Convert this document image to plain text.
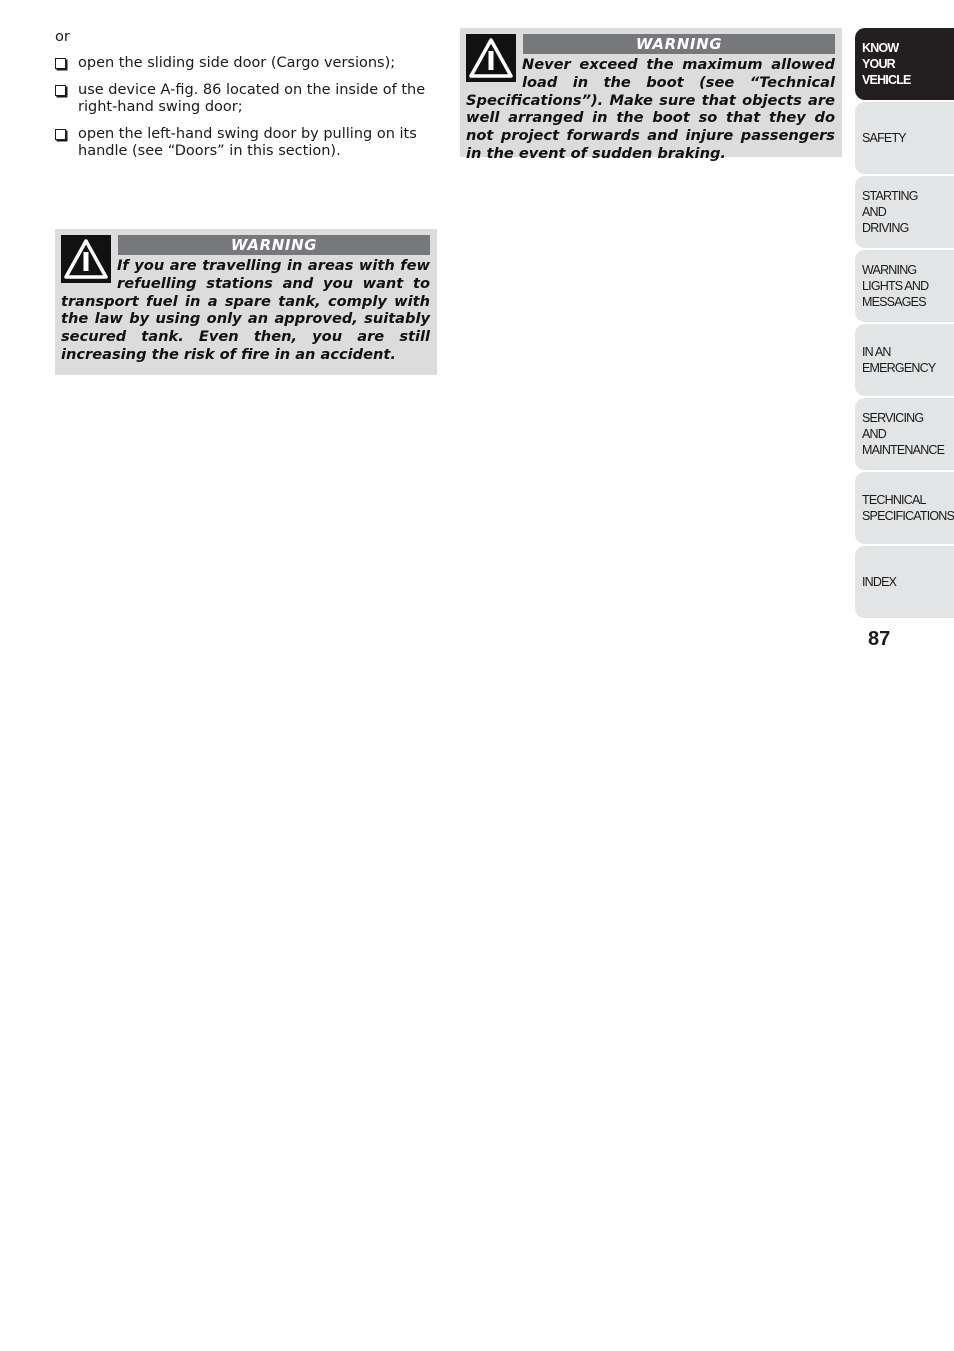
or

open the sliding side door (Cargo versions);
use device A-fig. 86 located on the inside of the right-hand swing door;
open the left-hand swing door by pulling on its handle (see “Doors” in this section).
WARNING
If you are travelling in areas with few refuelling stations and you want to transport fuel in a spare tank, comply with the law by using only an approved, suitably secured tank. Even then, you are still increasing the risk of fire in an accident.
WARNING
Never exceed the maximum allowed load in the boot (see “Technical Specifications”). Make sure that objects are well arranged in the boot so that they do not project forwards and injure passengers in the event of sudden braking.
KNOW
YOUR
VEHICLE
SAFETY
STARTING
AND
DRIVING
WARNING
LIGHTS AND
MESSAGES
IN AN
EMERGENCY
SERVICING
AND
MAINTENANCE
TECHNICAL
SPECIFICATIONS
INDEX
87
